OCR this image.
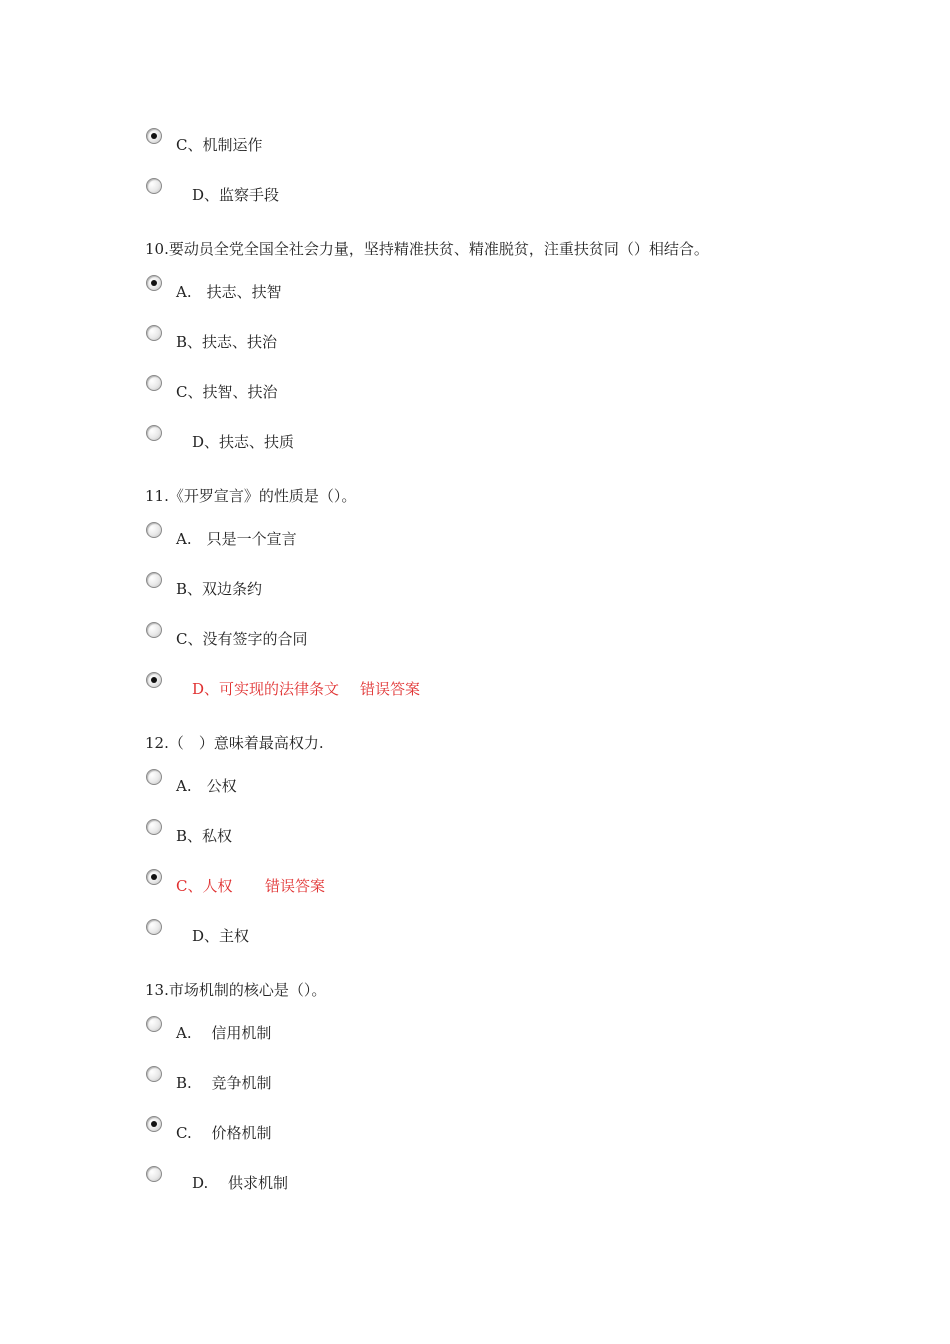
C、机制运作
D、监察手段
10.要动员全党全国全社会力量，坚持精准扶贫、精准脱贫，注重扶贫同（）相结合。
A.　扶志、扶智
B、扶志、扶治
C、扶智、扶治
D、扶志、扶质
11.《开罗宣言》的性质是（）。
A.　只是一个宣言
B、双边条约
C、没有签字的合同
D、可实现的法律条文 错误答案
12.（　）意味着最高权力.
A.　公权
B、私权
C、人权 错误答案
D、主权
13.市场机制的核心是（）。
A.　 信用机制
B.　 竞争机制
C.　 价格机制
D.　 供求机制
